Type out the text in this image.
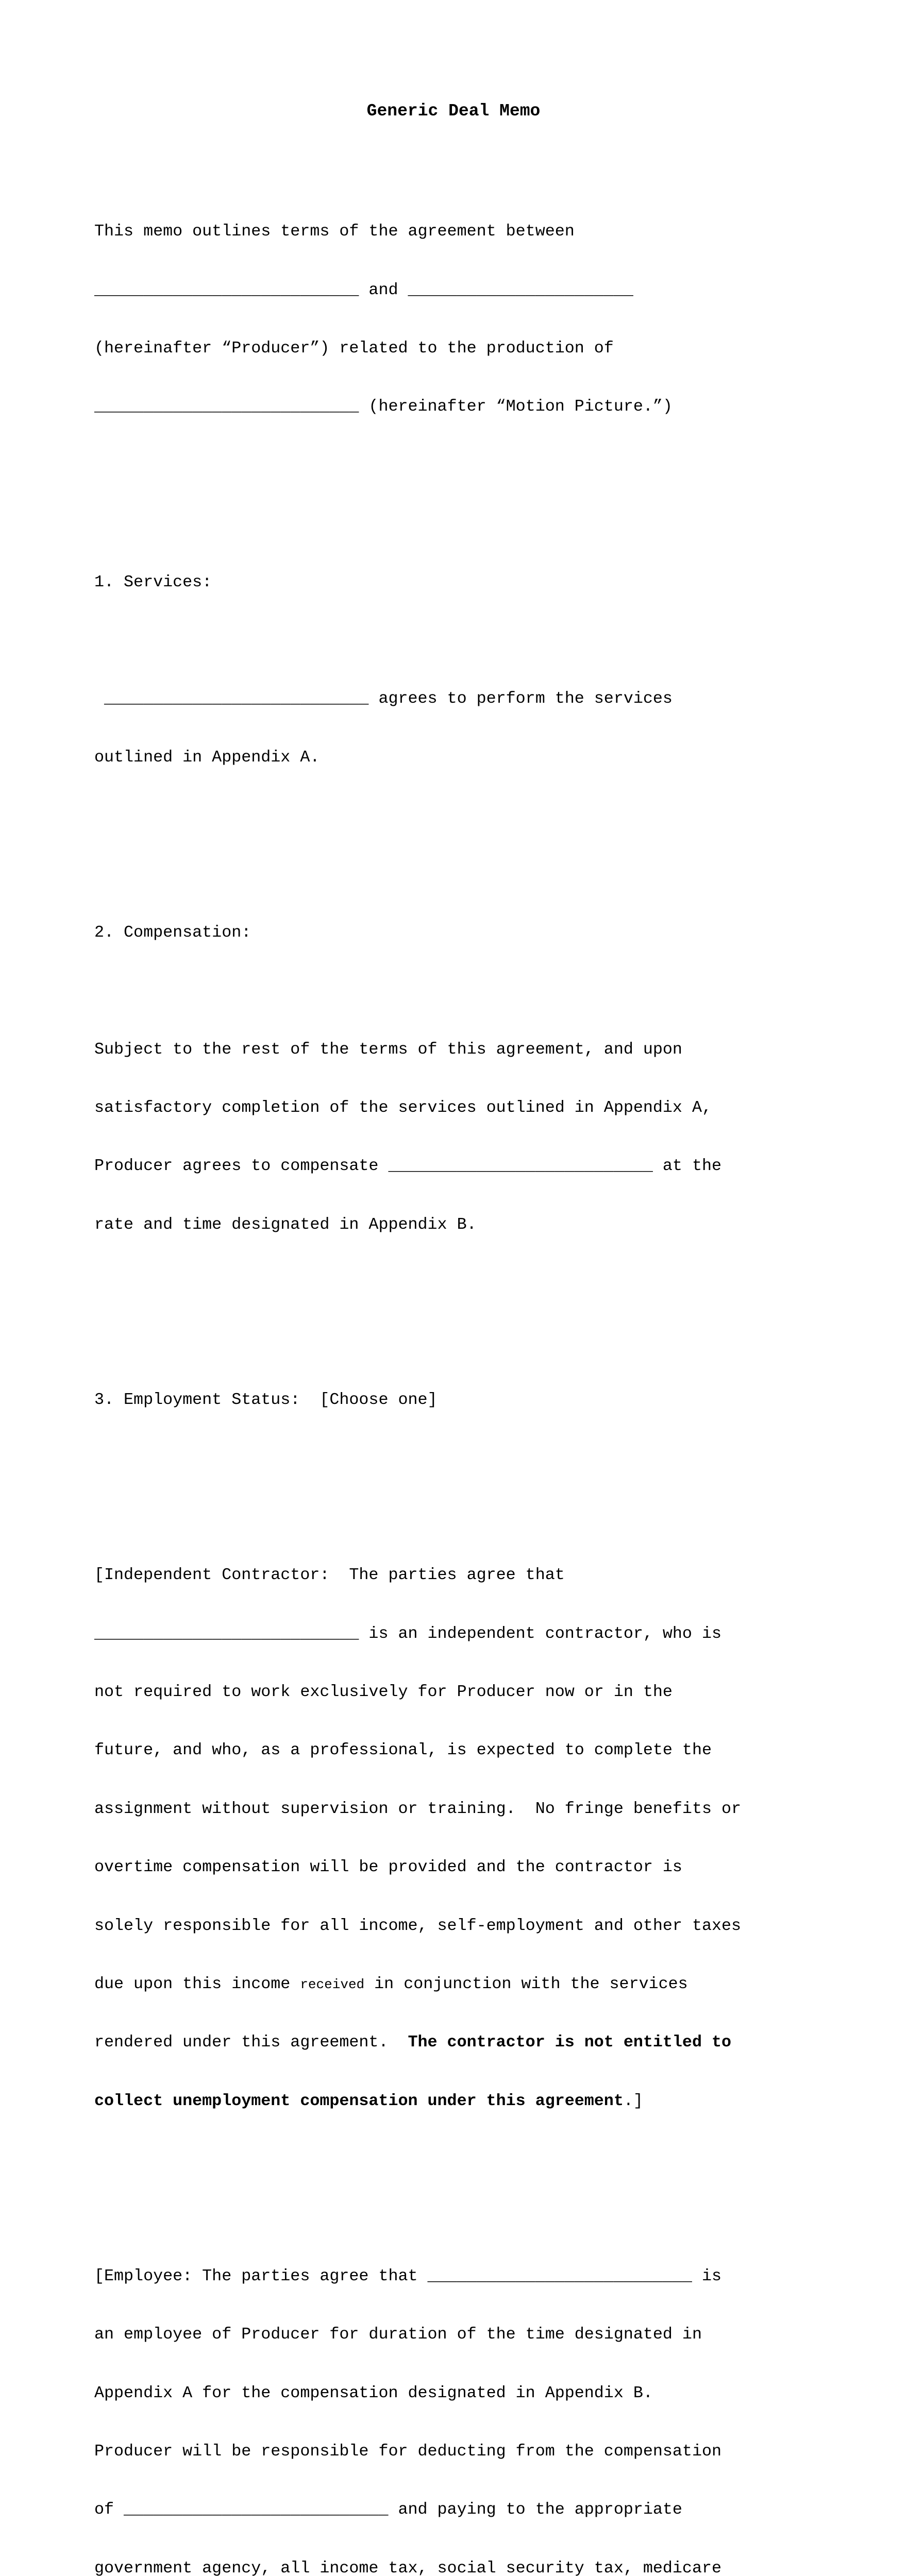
Generic Deal Memo

This memo outlines terms of the agreement between

___________________________ and _______________________

(hereinafter “Producer”) related to the production of

___________________________ (hereinafter “Motion Picture.”)

1. Services:

___________________________ agrees to perform the services

outlined in Appendix A.

2. Compensation:

Subject to the rest of the terms of this agreement, and upon

satisfactory completion of the services outlined in Appendix A,

Producer agrees to compensate ___________________________ at the

rate and time designated in Appendix B.

3. Employment Status:  [Choose one]

[Independent Contractor:  The parties agree that

___________________________ is an independent contractor, who is

not required to work exclusively for Producer now or in the

future, and who, as a professional, is expected to complete the

assignment without supervision or training.  No fringe benefits or

overtime compensation will be provided and the contractor is

solely responsible for all income, self-employment and other taxes

due upon this income received in conjunction with the services

rendered under this agreement.  The contractor is not entitled to

collect unemployment compensation under this agreement.]

[Employee: The parties agree that ___________________________ is

an employee of Producer for duration of the time designated in

Appendix A for the compensation designated in Appendix B.

Producer will be responsible for deducting from the compensation

of ___________________________ and paying to the appropriate

government agency, all income tax, social security tax, medicare
